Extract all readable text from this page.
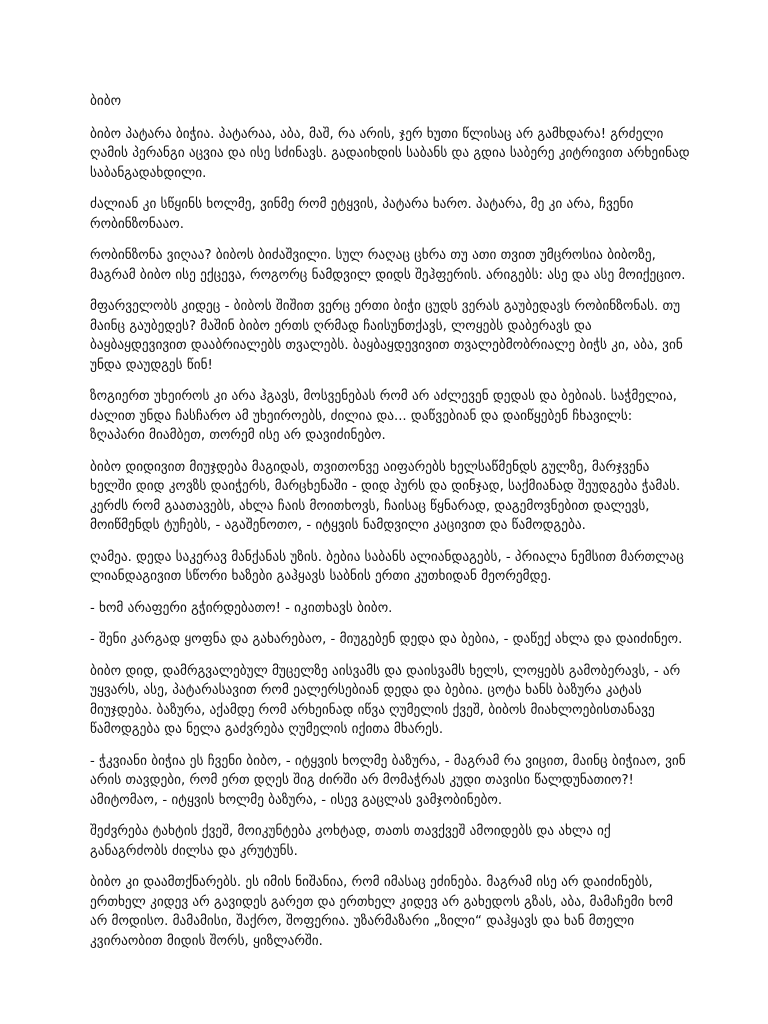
ბიბო

ბიბო პატარა ბიჭია. პატარაა, აბა, მაშ, რა არის, ჯერ ხუთი წლისაც არ გამხდარა! გრძელი ღამის პერანგი აცვია და ისე სძინავს. გადაიხდის საბანს და გდია საბერე კიტრივით არხეინად საბანგადახდილი.

ძალიან კი სწყინს ხოლმე, ვინმე რომ ეტყვის, პატარა ხარო. პატარა, მე კი არა, ჩვენი რობინზონააო.

რობინზონა ვიღაა? ბიბოს ბიძაშვილი. სულ რაღაც ცხრა თუ ათი თვით უმცროსია ბიბოზე, მაგრამ ბიბო ისე ექცევა, როგორც ნამდვილ დიდს შეჰფერის. არიგებს: ასე და ასე მოიქეციო.

მფარველობს კიდეც - ბიბოს შიშით ვერც ერთი ბიჭი ცუდს ვერას გაუბედავს რობინზონას. თუ მაინც გაუბედეს? მაშინ ბიბო ერთს ღრმად ჩაისუნთქავს, ლოყებს დაბერავს და ბაყბაყდევივით დააბრიალებს თვალებს. ბაყბაყდევივით თვალებმობრიალე ბიჭს კი, აბა, ვინ უნდა დაუდგეს წინ!

ზოგიერთ უხეიროს კი არა ჰგავს, მოსვენებას რომ არ აძლევენ დედას და ბებიას. საჭმელია, ძალით უნდა ჩასჩარო ამ უხეიროებს, ძილია და... დაწვებიან და დაიწყებენ ჩხავილს: ზღაპარი მიამბეთ, თორემ ისე არ დავიძინებო.

ბიბო დიდივით მიუჯდება მაგიდას, თვითონვე აიფარებს ხელსაწმენდს გულზე, მარჯვენა ხელში დიდ კოვზს დაიჭერს, მარცხენაში - დიდ პურს და დინჯად, საქმიანად შეუდგება ჭამას. კერძს რომ გაათავებს, ახლა ჩაის მოითხოვს, ჩაისაც წყნარად, დაგემოვნებით დალევს, მოიწმენდს ტუჩებს, - აგაშენოთო, - იტყვის ნამდვილი კაცივით და წამოდგება.

ღამეა. დედა საკერავ მანქანას უზის. ბებია საბანს ალიანდაგებს, - პრიალა ნემსით მართლაც ლიანდაგივით სწორი ხაზები გაჰყავს საბნის ერთი კუთხიდან მეორემდე.

- ხომ არაფერი გჭირდებათო! - იკითხავს ბიბო.

- შენი კარგად ყოფნა და გახარებაო, - მიუგებენ დედა და ბებია, - დაწექ ახლა და დაიძინეო.

ბიბო დიდ, დამრგვალებულ მუცელზე აისვამს და დაისვამს ხელს, ლოყებს გამობერავს, - არ უყვარს, ასე, პატარასავით რომ ეალერსებიან დედა და ბებია. ცოტა ხანს ბაზურა კატას მიუჯდება. ბაზურა, აქამდე რომ არხეინად იწვა ღუმელის ქვეშ, ბიბოს მიახლოებისთანავე წამოდგება და ნელა გაძვრება ღუმელის იქითა მხარეს.

- ჭკვიანი ბიჭია ეს ჩვენი ბიბო, - იტყვის ხოლმე ბაზურა, - მაგრამ რა ვიცით, მაინც ბიჭიაო, ვინ არის თავდები, რომ ერთ დღეს შიგ ძირში არ მომაჭრას კუდი თავისი წალდუნათიო?! ამიტომაო, - იტყვის ხოლმე ბაზურა, - ისევ გაცლას ვამჯობინებო.

შეძვრება ტახტის ქვეშ, მოიკუნტება კოხტად, თათს თავქვეშ ამოიდებს და ახლა იქ განაგრძობს ძილსა და კრუტუნს.

ბიბო კი დაამთქნარებს. ეს იმის ნიშანია, რომ იმასაც ეძინება. მაგრამ ისე არ დაიძინებს, ერთხელ კიდევ არ გავიდეს გარეთ და ერთხელ კიდევ არ გახედოს გზას, აბა, მამაჩემი ხომ არ მოდისო. მამამისი, შაქრო, შოფერია. უზარმაზარი „ზილი“ დაჰყავს და ხან მთელი კვირაობით მიდის შორს, ყიზლარში.
